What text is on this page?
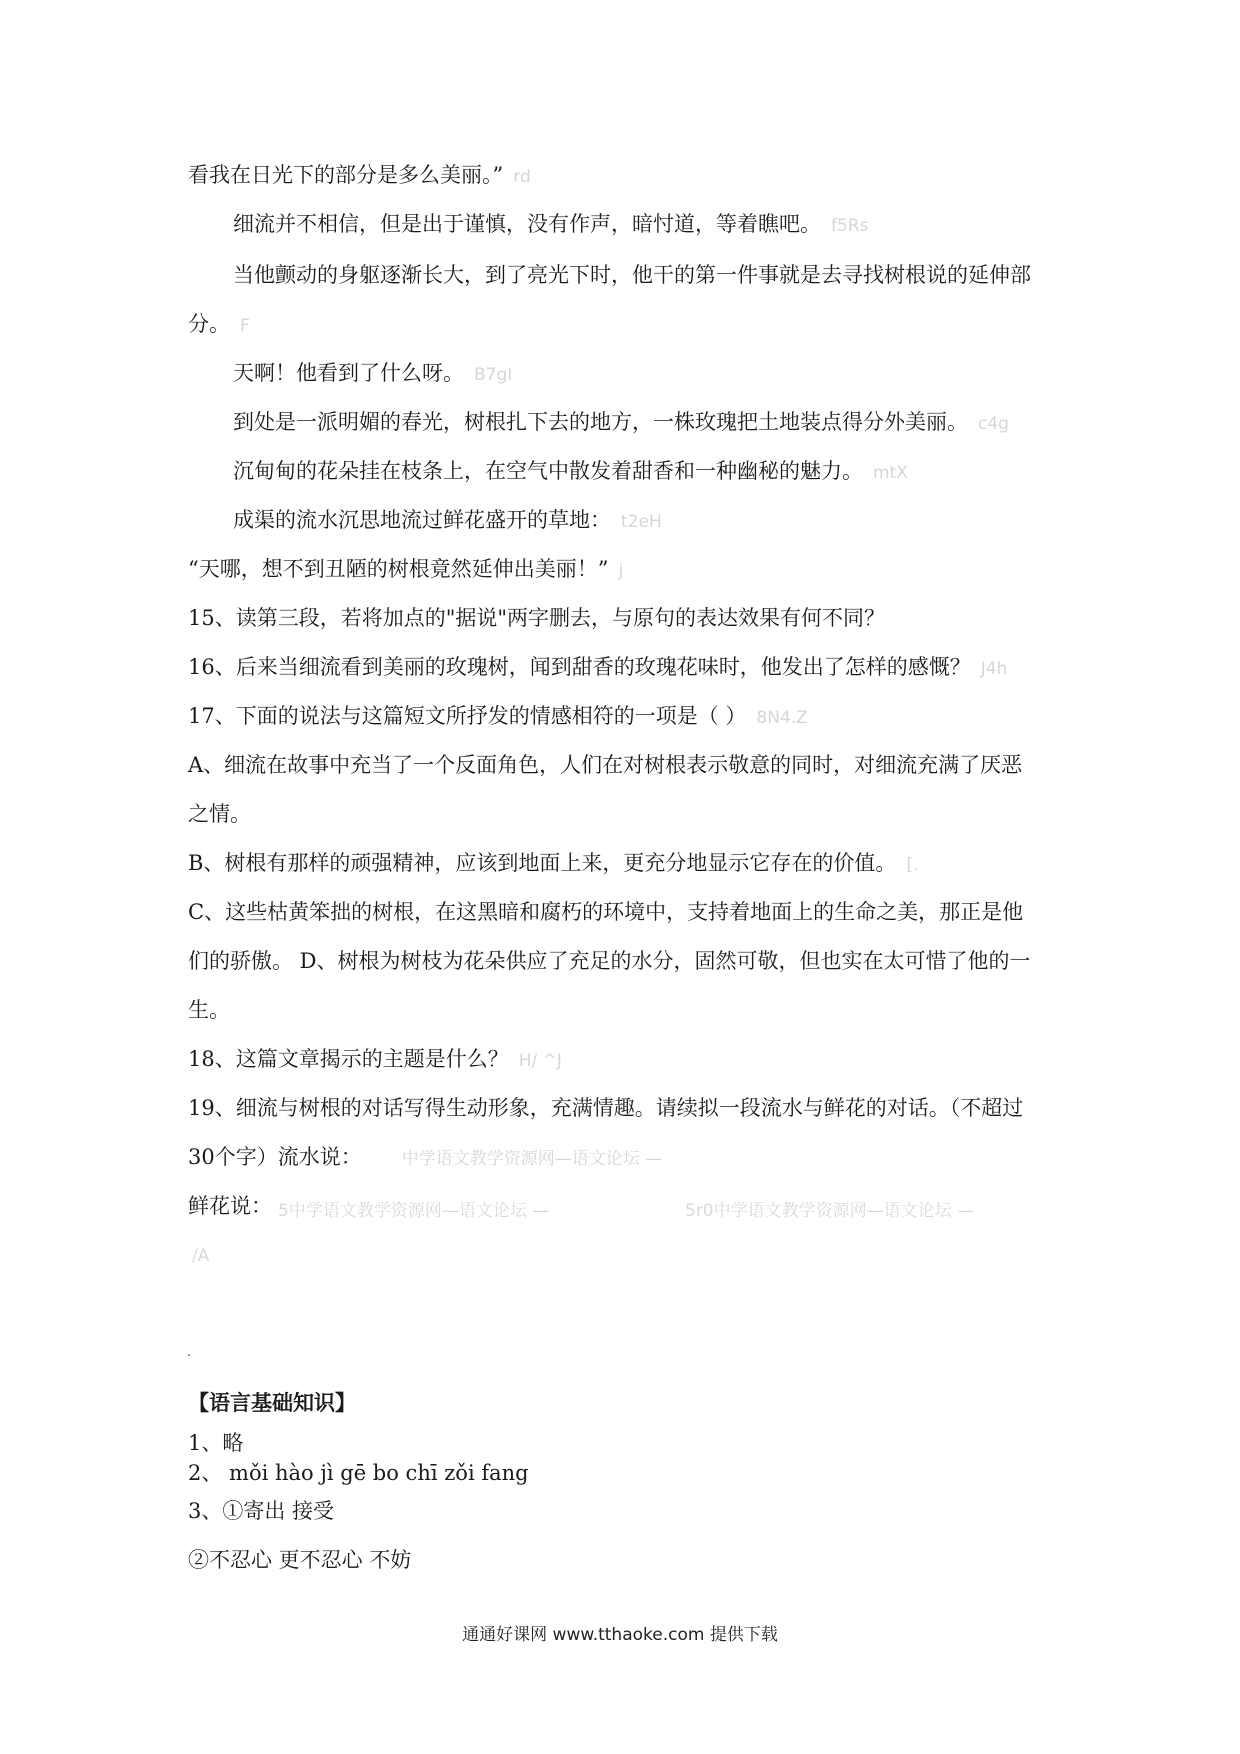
看我在日光下的部分是多么美丽。” rd
细流并不相信，但是出于谨慎，没有作声，暗忖道，等着瞧吧。 f5Rs
当他颤动的身躯逐渐长大，到了亮光下时，他干的第一件事就是去寻找树根说的延伸部
分。 F
天啊！他看到了什么呀。 B7gI
到处是一派明媚的春光，树根扎下去的地方，一株玫瑰把土地装点得分外美丽。 c4g
沉甸甸的花朵挂在枝条上，在空气中散发着甜香和一种幽秘的魅力。 mtX
成渠的流水沉思地流过鲜花盛开的草地： t2eH
“天哪，想不到丑陋的树根竟然延伸出美丽！” j
15、读第三段，若将加点的"据说"两字删去，与原句的表达效果有何不同？
16、后来当细流看到美丽的玫瑰树，闻到甜香的玫瑰花味时，他发出了怎样的感慨？ J4h
17、下面的说法与这篇短文所抒发的情感相符的一项是（ ） 8N4.Z
A、细流在故事中充当了一个反面角色，人们在对树根表示敬意的同时，对细流充满了厌恶
之情。
B、树根有那样的顽强精神，应该到地面上来，更充分地显示它存在的价值。 [.
C、这些枯黄笨拙的树根，在这黑暗和腐朽的环境中，支持着地面上的生命之美，那正是他
们的骄傲。 D、树根为树枝为花朵供应了充足的水分，固然可敬，但也实在太可惜了他的一
生。
18、这篇文章揭示的主题是什么？ H/ ^J
19、细流与树根的对话写得生动形象，充满情趣。请续拟一段流水与鲜花的对话。（不超过
30个字）流水说： 中学语文教学资源网—语文论坛 —
鲜花说： 5中学语文教学资源网—语文论坛 —	5r0中学语文教学资源网—语文论坛 —
/A
【语言基础知识】
1、略
2、 mǒi hào jì gē bo chī zǒi fang
3、①寄出 接受
②不忍心 更不忍心 不妨
通通好课网 www.tthaoke.com 提供下载
